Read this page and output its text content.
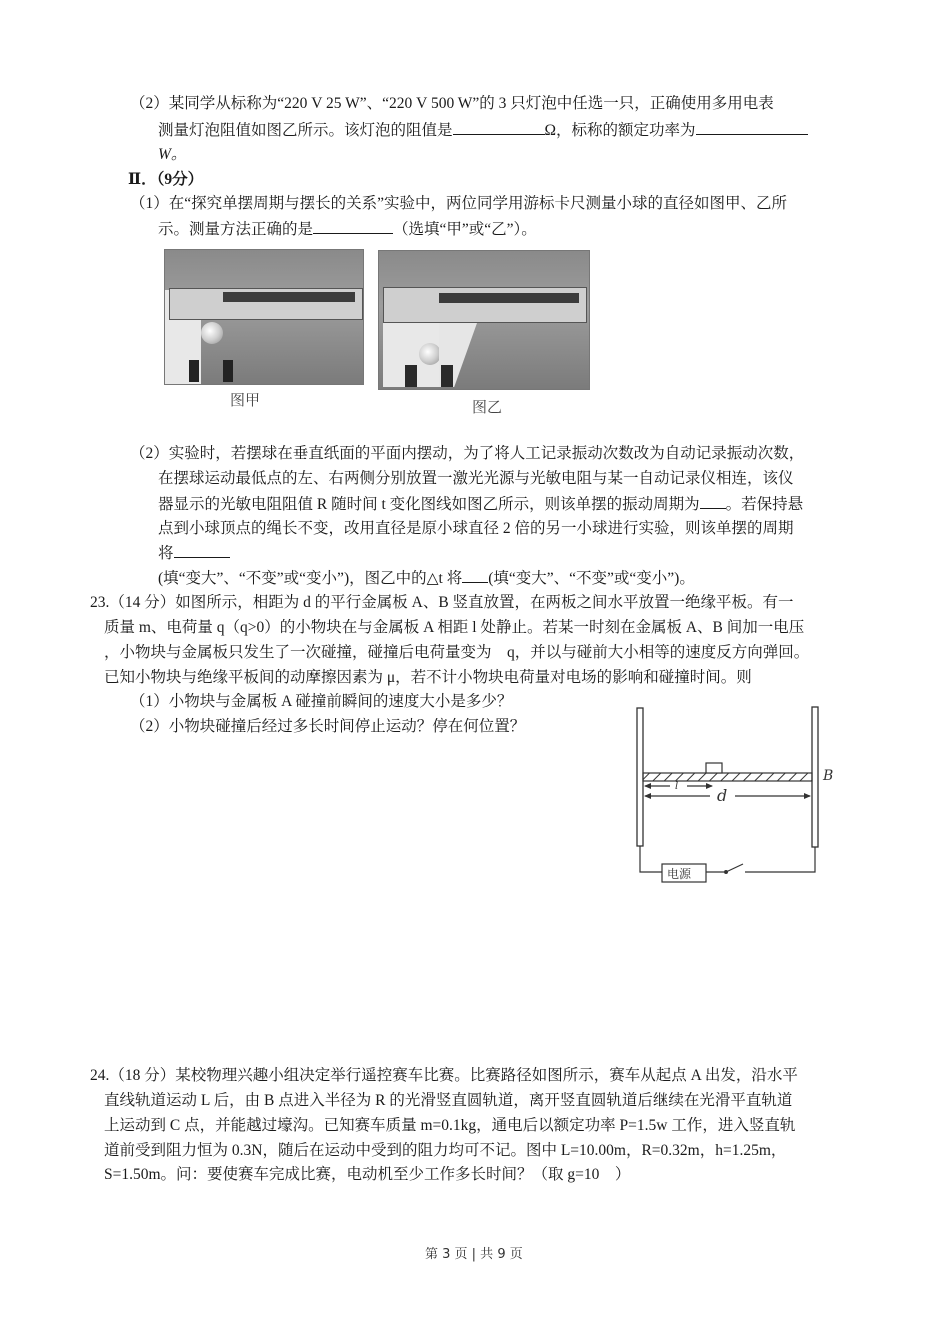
（2）某同学从标称为“220 V 25 W”、“220 V 500 W”的 3 只灯泡中任选一只，正确使用多用电表
测量灯泡阻值如图乙所示。该灯泡的阻值是	Ω，标称的额定功率为
W。
Ⅱ．（9分）
（1）在“探究单摆周期与摆长的关系”实验中，两位同学用游标卡尺测量小球的直径如图甲、乙所
示。测量方法正确的是	（选填“甲”或“乙”）。
图甲	图乙
（2）实验时，若摆球在垂直纸面的平面内摆动，为了将人工记录振动次数改为自动记录振动次数，
在摆球运动最低点的左、右两侧分别放置一激光光源与光敏电阻与某一自动记录仪相连，该仪
器显示的光敏电阻阻值 R 随时间 t 变化图线如图乙所示，则该单摆的振动周期为 。若保持悬
点到小球顶点的绳长不变，改用直径是原小球直径 2 倍的另一小球进行实验，则该单摆的周期
将
(填“变大”、“不变”或“变小”)，图乙中的△t 将 (填“变大”、“不变”或“变小”)。
23.（14 分）如图所示，相距为 d 的平行金属板 A、B 竖直放置，在两板之间水平放置一绝缘平板。有一
质量 m、电荷量 q（q>0）的小物块在与金属板 A 相距 l 处静止。若某一时刻在金属板 A、B 间加一电压
，小物块与金属板只发生了一次碰撞，碰撞后电荷量变为　q，并以与碰前大小相等的速度反方向弹回。
已知小物块与绝缘平板间的动摩擦因素为 μ，若不计小物块电荷量对电场的影响和碰撞时间。则
（1）小物块与金属板 A 碰撞前瞬间的速度大小是多少？
（2）小物块碰撞后经过多长时间停止运动？停在何位置？
l d
B
电源
24.（18 分）某校物理兴趣小组决定举行遥控赛车比赛。比赛路径如图所示，赛车从起点 A 出发，沿水平
直线轨道运动 L 后，由 B 点进入半径为 R 的光滑竖直圆轨道，离开竖直圆轨道后继续在光滑平直轨道
上运动到 C 点，并能越过壕沟。已知赛车质量 m=0.1kg，通电后以额定功率 P=1.5w 工作，进入竖直轨
道前受到阻力恒为 0.3N，随后在运动中受到的阻力均可不记。图中 L=10.00m，R=0.32m，h=1.25m，
S=1.50m。问：要使赛车完成比赛，电动机至少工作多长时间？（取 g=10　）
第 3 页 | 共 9 页
